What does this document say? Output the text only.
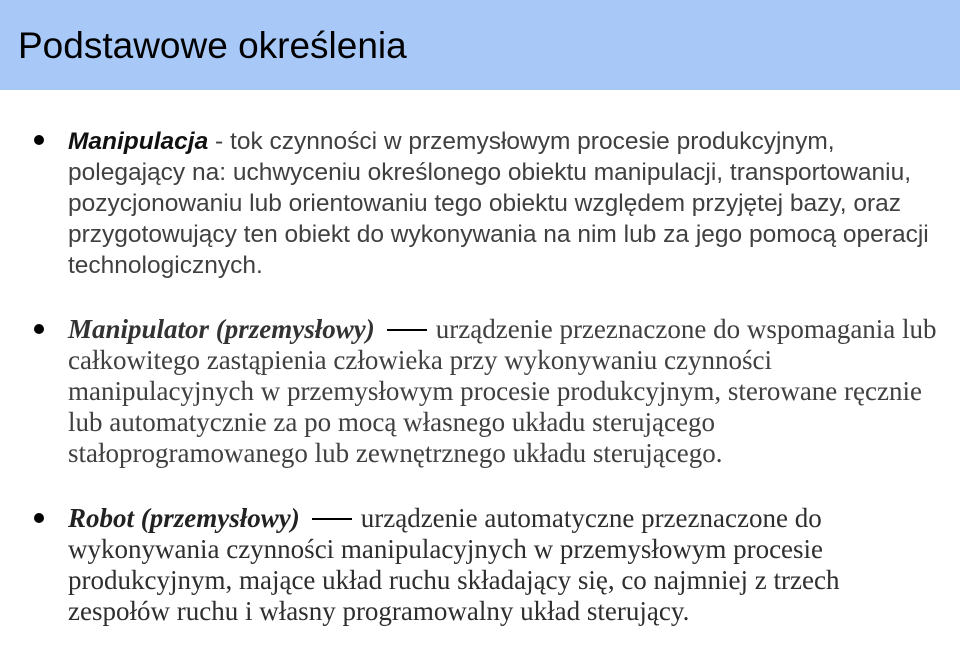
Podstawowe określenia

Manipulacja - tok czynności w przemysłowym procesie produkcyjnym, polegający na: uchwyceniu określonego obiektu manipulacji, transportowaniu, pozycjonowaniu lub orientowaniu tego obiektu względem przyjętej bazy, oraz przygotowujący ten obiekt do wykonywania na nim lub za jego pomocą operacji technologicznych.

Manipulator (przemysłowy) urządzenie przeznaczone do wspomagania lub całkowitego zastąpienia człowieka przy wykonywaniu czynności manipulacyjnych w przemysłowym procesie produkcyjnym, sterowane ręcznie lub automatycznie za po mocą własnego układu sterującego stałoprogramowanego lub zewnętrznego układu sterującego.

Robot (przemysłowy) urządzenie automatyczne przeznaczone do wykonywania czynności manipulacyjnych w przemysłowym procesie produkcyjnym, mające układ ruchu składający się, co najmniej z trzech zespołów ruchu i własny programowalny układ sterujący.
